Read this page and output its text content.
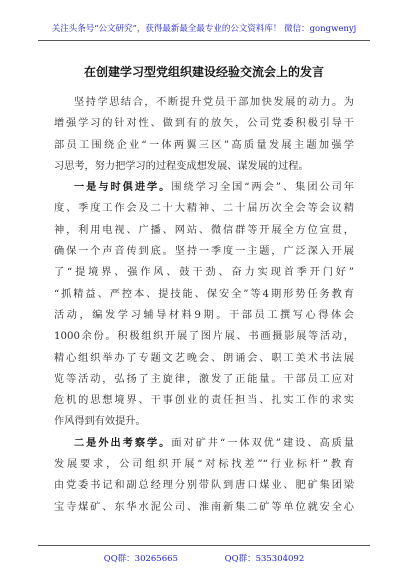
关注头条号“公文研究”，获得最新最全最专业的公文资料库！ 微信：gongwenyj
在创建学习型党组织建设经验交流会上的发言
坚持学思结合，不断提升党员干部加快发展的动力。为
增强学习的针对性、做到有的放矢，公司党委积极引导干
部员工围绕企业“一体两翼三区”高质量发展主题加强学
习思考，努力把学习的过程变成想发展、谋发展的过程。
一是与时俱进学。围绕学习全国“两会”、集团公司年
度、季度工作会及二十大精神、二十届历次全会等会议精
神，利用电视、广播、网站、微信群等开展全方位宣贯，
确保一个声音传到底。坚持一季度一主题，广泛深入开展
了“提境界、强作风、鼓干劲、奋力实现首季开门好”
“抓精益、严控本、提技能、保安全”等4期形势任务教育
活动，编发学习辅导材料9期。干部员工撰写心得体会
1000余份。积极组织开展了图片展、书画摄影展等活动，
精心组织举办了专题文艺晚会、朗诵会、职工美术书法展
览等活动，弘扬了主旋律，激发了正能量。干部员工应对
危机的思想境界、干事创业的责任担当、扎实工作的求实
作风得到有效提升。
二是外出考察学。面对矿井“一体双优”建设、高质量
发展要求，公司组织开展“对标找差”“行业标杆”教育
由党委书记和副总经理分别带队到唐口煤业、肥矿集团梁
宝寺煤矿、东华水泥公司、淮南新集二矿等单位就安全心
QQ群：30265665	QQ群：535304092
